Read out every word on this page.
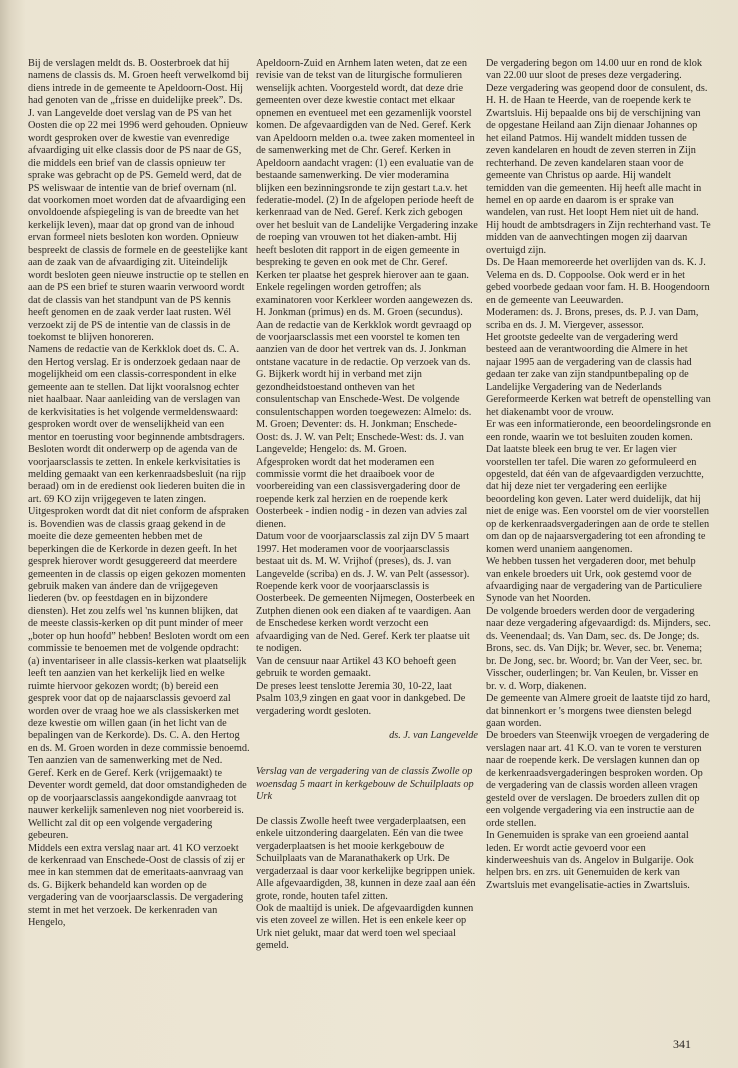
Bij de verslagen meldt ds. B. Oosterbroek dat hij namens de classis ds. M. Groen heeft verwelkomd bij diens intrede in de gemeente te Apeldoorn-Oost. Hij had genoten van de „frisse en duidelijke preek”. Ds. J. van Langevelde doet verslag van de PS van het Oosten die op 22 mei 1996 werd gehouden. Opnieuw wordt gesproken over de kwestie van evenredige afvaardiging uit elke classis door de PS naar de GS, die middels een brief van de classis opnieuw ter sprake was gebracht op de PS. Gemeld werd, dat de PS weliswaar de intentie van de brief overnam (nl. dat voorkomen moet worden dat de afvaardiging een onvoldoende afspiegeling is van de breedte van het kerkelijk leven), maar dat op grond van de inhoud ervan formeel niets besloten kon worden. Opnieuw bespreekt de classis de formele en de geestelijke kant aan de zaak van de afvaardiging zit. Uiteindelijk wordt besloten geen nieuwe instructie op te stellen en aan de PS een brief te sturen waarin verwoord wordt dat de classis van het standpunt van de PS kennis heeft genomen en de zaak verder laat rusten. Wél verzoekt zij de PS de intentie van de classis in de toekomst te blijven honoreren.

Namens de redactie van de Kerkklok doet ds. C. A. den Hertog verslag. Er is onderzoek gedaan naar de mogelijkheid om een classis-correspondent in elke gemeente aan te stellen. Dat lijkt vooralsnog echter niet haalbaar. Naar aanleiding van de verslagen van de kerkvisitaties is het volgende vermeldenswaard: gesproken wordt over de wenselijkheid van een mentor en toerusting voor beginnende ambtsdragers. Besloten wordt dit onderwerp op de agenda van de voorjaarsclassis te zetten. In enkele kerkvisitaties is melding gemaakt van een kerkenraadsbesluit (na rijp beraad) om in de eredienst ook liederen buiten die in art. 69 KO zijn vrijgegeven te laten zingen. Uitgesproken wordt dat dit niet conform de afspraken is. Bovendien was de classis graag gekend in de moeite die deze gemeenten hebben met de beperkingen die de Kerkorde in dezen geeft. In het gesprek hierover wordt gesuggereerd dat meerdere gemeenten in de classis op eigen gekozen momenten gebruik maken van ándere dan de vrijgegeven liederen (bv. op feestdagen en in bijzondere diensten). Het zou zelfs wel 'ns kunnen blijken, dat de meeste classis-kerken op dit punt minder of meer „boter op hun hoofd” hebben! Besloten wordt om een commissie te benoemen met de volgende opdracht: (a) inventariseer in alle classis-kerken wat plaatselijk leeft ten aanzien van het kerkelijk lied en welke ruimte hiervoor gekozen wordt; (b) bereid een gesprek voor dat op de najaarsclassis gevoerd zal worden over de vraag hoe we als classiskerken met deze kwestie om willen gaan (in het licht van de bepalingen van de Kerkorde). Ds. C. A. den Hertog en ds. M. Groen worden in deze commissie benoemd.

Ten aanzien van de samenwerking met de Ned. Geref. Kerk en de Geref. Kerk (vrijgemaakt) te Deventer wordt gemeld, dat door omstandigheden de op de voorjaarsclassis aangekondigde aanvraag tot nauwer kerkelijk samenleven nog niet voorbereid is. Wellicht zal dit op een volgende vergadering gebeuren.

Middels een extra verslag naar art. 41 KO verzoekt de kerkenraad van Enschede-Oost de classis of zij er mee in kan stemmen dat de emeritaats-aanvraag van ds. G. Bijkerk behandeld kan worden op de vergadering van de voorjaarsclassis. De vergadering stemt in met het verzoek. De kerkenraden van Hengelo,

Apeldoorn-Zuid en Arnhem laten weten, dat ze een revisie van de tekst van de liturgische formulieren wenselijk achten. Voorgesteld wordt, dat deze drie gemeenten over deze kwestie contact met elkaar opnemen en eventueel met een gezamenlijk voorstel komen. De afgevaardigden van de Ned. Geref. Kerk van Apeldoorn melden o.a. twee zaken momenteel in de samenwerking met de Chr. Geref. Kerken in Apeldoorn aandacht vragen: (1) een evaluatie van de bestaande samenwerking. De vier moderamina blijken een bezinningsronde te zijn gestart t.a.v. het federatie-model. (2) In de afgelopen periode heeft de kerkenraad van de Ned. Geref. Kerk zich gebogen over het besluit van de Landelijke Vergadering inzake de roeping van vrouwen tot het diaken-ambt. Hij heeft besloten dit rapport in de eigen gemeente in bespreking te geven en ook met de Chr. Geref. Kerken ter plaatse het gesprek hierover aan te gaan.

Enkele regelingen worden getroffen; als examinatoren voor Kerkleer worden aangewezen ds. H. Jonkman (primus) en ds. M. Groen (secundus). Aan de redactie van de Kerkklok wordt gevraagd op de voorjaarsclassis met een voorstel te komen ten aanzien van de door het vertrek van ds. J. Jonkman ontstane vacature in de redactie. Op verzoek van ds. G. Bijkerk wordt hij in verband met zijn gezondheidstoestand ontheven van het consulentschap van Enschede-West. De volgende consulentschappen worden toegewezen: Almelo: ds. M. Groen; Deventer: ds. H. Jonkman; Enschede-Oost: ds. J. W. van Pelt; Enschede-West: ds. J. van Langevelde; Hengelo: ds. M. Groen.

Afgesproken wordt dat het moderamen een commissie vormt die het draaiboek voor de voorbereiding van een classisvergadering door de roepende kerk zal herzien en de roepende kerk Oosterbeek - indien nodig - in dezen van advies zal dienen.

Datum voor de voorjaarsclassis zal zijn DV 5 maart 1997. Het moderamen voor de voorjaarsclassis bestaat uit ds. M. W. Vrijhof (preses), ds. J. van Langevelde (scriba) en ds. J. W. van Pelt (assessor). Roepende kerk voor de voorjaarsclassis is Oosterbeek. De gemeenten Nijmegen, Oosterbeek en Zutphen dienen ook een diaken af te vaardigen. Aan de Enschedese kerken wordt verzocht een afvaardiging van de Ned. Geref. Kerk ter plaatse uit te nodigen.

Van de censuur naar Artikel 43 KO behoeft geen gebruik te worden gemaakt.

De preses leest tenslotte Jeremia 30, 10-22, laat Psalm 103,9 zingen en gaat voor in dankgebed. De vergadering wordt gesloten.

ds. J. van Langevelde

Verslag van de vergadering van de classis Zwolle op woensdag 5 maart in kerkgebouw de Schuilplaats op Urk

De classis Zwolle heeft twee vergaderplaatsen, een enkele uitzondering daargelaten. Eén van die twee vergaderplaatsen is het mooie kerkgebouw de Schuilplaats van de Maranathakerk op Urk. De vergaderzaal is daar voor kerkelijke begrippen uniek. Alle afgevaardigden, 38, kunnen in deze zaal aan één grote, ronde, houten tafel zitten.

Ook de maaltijd is uniek. De afgevaardigden kunnen vis eten zoveel ze willen. Het is een enkele keer op Urk niet gelukt, maar dat werd toen wel speciaal gemeld.

De vergadering begon om 14.00 uur en rond de klok van 22.00 uur sloot de preses deze vergadering.

Deze vergadering was geopend door de consulent, ds. H. H. de Haan te Heerde, van de roepende kerk te Zwartsluis. Hij bepaalde ons bij de verschijning van de opgestane Heiland aan Zijn dienaar Johannes op het eiland Patmos. Hij wandelt midden tussen de zeven kandelaren en houdt de zeven sterren in Zijn rechterhand. De zeven kandelaren staan voor de gemeente van Christus op aarde. Hij wandelt temidden van die gemeenten. Hij heeft alle macht in hemel en op aarde en daarom is er sprake van wandelen, van rust. Het loopt Hem niet uit de hand. Hij houdt de ambtsdragers in Zijn rechterhand vast. Te midden van de aanvechtingen mogen zij daarvan overtuigd zijn.

Ds. De Haan memoreerde het overlijden van ds. K. J. Velema en ds. D. Coppoolse. Ook werd er in het gebed voorbede gedaan voor fam. H. B. Hoogendoorn en de gemeente van Leeuwarden.

Moderamen: ds. J. Brons, preses, ds. P. J. van Dam, scriba en ds. J. M. Viergever, assessor.

Het grootste gedeelte van de vergadering werd besteed aan de verantwoording die Almere in het najaar 1995 aan de vergadering van de classis had gedaan ter zake van zijn standpuntbepaling op de Landelijke Vergadering van de Nederlands Gereformeerde Kerken wat betreft de openstelling van het diakenambt voor de vrouw.

Er was een informatieronde, een beoordelingsronde en een ronde, waarin we tot besluiten zouden komen.

Dat laatste bleek een brug te ver. Er lagen vier voorstellen ter tafel. Die waren zo geformuleerd en opgesteld, dat één van de afgevaardigden verzuchtte, dat hij deze niet ter vergadering een eerlijke beoordeling kon geven. Later werd duidelijk, dat hij niet de enige was. Een voorstel om de vier voorstellen op de kerkenraadsvergaderingen aan de orde te stellen om dan op de najaarsvergadering tot een afronding te komen werd unaniem aangenomen.

We hebben tussen het vergaderen door, met behulp van enkele broeders uit Urk, ook gestemd voor de afvaardiging naar de vergadering van de Particuliere Synode van het Noorden.

De volgende broeders werden door de vergadering naar deze vergadering afgevaardigd: ds. Mijnders, sec. ds. Veenendaal; ds. Van Dam, sec. ds. De Jonge; ds. Brons, sec. ds. Van Dijk; br. Wever, sec. br. Venema; br. De Jong, sec. br. Woord; br. Van der Veer, sec. br. Visscher, ouderlingen; br. Van Keulen, br. Visser en br. v. d. Worp, diakenen.

De gemeente van Almere groeit de laatste tijd zo hard, dat binnenkort er 's morgens twee diensten belegd gaan worden.

De broeders van Steenwijk vroegen de vergadering de verslagen naar art. 41 K.O. van te voren te versturen naar de roepende kerk. De verslagen kunnen dan op de kerkenraadsvergaderingen besproken worden. Op de vergadering van de classis worden alleen vragen gesteld over de verslagen. De broeders zullen dit op een volgende vergadering via een instructie aan de orde stellen.

In Genemuiden is sprake van een groeiend aantal leden. Er wordt actie gevoerd voor een kinderweeshuis van ds. Angelov in Bulgarije. Ook helpen brs. en zrs. uit Genemuiden de kerk van Zwartsluis met evangelisatie-acties in Zwartsluis.

341
